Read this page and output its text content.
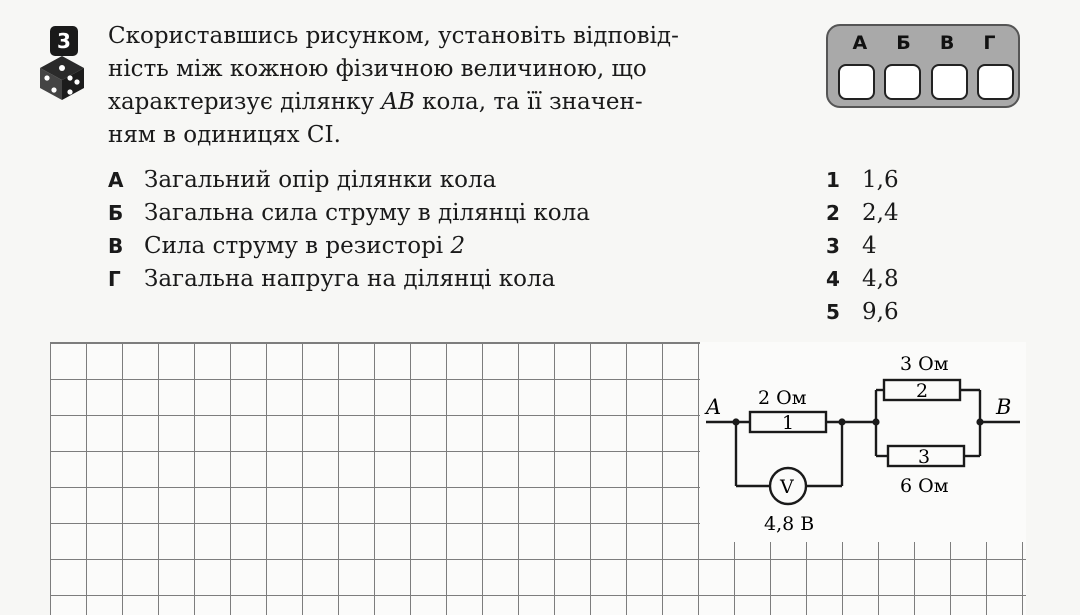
3	Скориставшись рисунком, установіть відповід-
ність між кожною фізичною величиною, що
характеризує ділянку AB кола, та її значен-
ням в одиницях СІ.

А Б В Г
А Загальний опір ділянки кола
Б Загальна сила струму в ділянці кола
В Сила струму в резисторі 2
Г	Загальна напруга на ділянці кола
1 1,6
2 2,4
3 4
4 4,8
5 9,6
A	B
2 Ом
1
3 Ом
2
3
6 Ом
V
4,8 В
